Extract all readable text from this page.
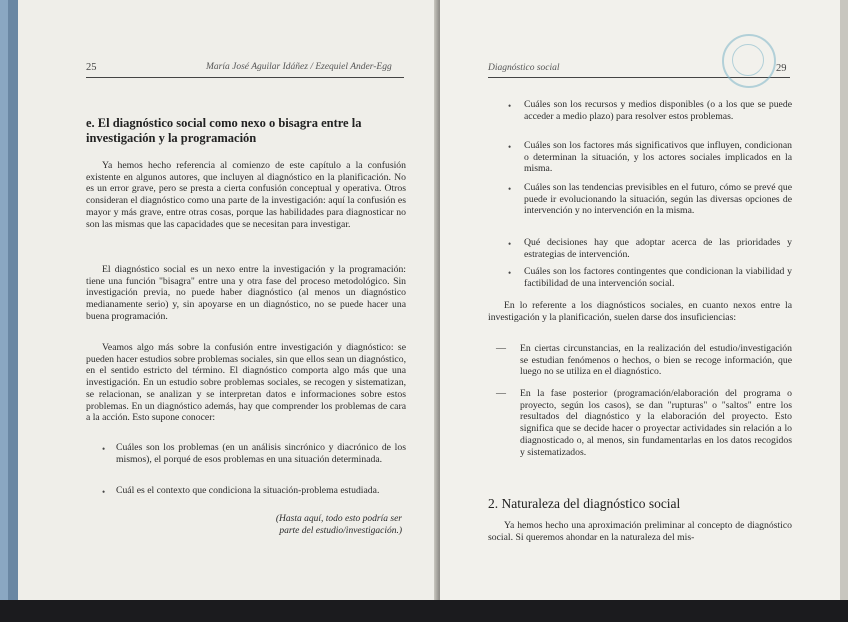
25	María José Aguilar Idáñez / Ezequiel Ander-Egg

e. El diagnóstico social como nexo o bisagra entre la investigación y la programación

Ya hemos hecho referencia al comienzo de este capítulo a la confusión existente en algunos autores, que incluyen al diagnóstico en la planificación. No es un error grave, pero se presta a cierta confusión conceptual y operativa. Otros consideran el diagnóstico como una parte de la investigación: aquí la confusión es mayor y más grave, entre otras cosas, porque las habilidades para diagnosticar no son las mismas que las capacidades que se necesitan para investigar.

El diagnóstico social es un nexo entre la investigación y la programación: tiene una función "bisagra" entre una y otra fase del proceso metodológico. Sin investigación previa, no puede haber diagnóstico (al menos un diagnóstico medianamente serio) y, sin apoyarse en un diagnóstico, no se puede hacer una buena programación.

Veamos algo más sobre la confusión entre investigación y diagnóstico: se pueden hacer estudios sobre problemas sociales, sin que ellos sean un diagnóstico, en el sentido estricto del término. El diagnóstico comporta algo más que una investigación. En un estudio sobre problemas sociales, se recogen y sistematizan, se relacionan, se analizan y se interpretan datos e informaciones sobre estos problemas. En un diagnóstico además, hay que comprender los problemas de cara a la acción. Esto supone conocer:

• Cuáles son los problemas (en un análisis sincrónico y diacrónico de los mismos), el porqué de esos problemas en una situación determinada.

• Cuál es el contexto que condiciona la situación-problema estudiada.

(Hasta aquí, todo esto podría ser parte del estudio/investigación.)

Diagnóstico social	29
• Cuáles son los recursos y medios disponibles (o a los que se puede acceder a medio plazo) para resolver estos problemas.

• Cuáles son los factores más significativos que influyen, condicionan o determinan la situación, y los actores sociales implicados en la misma.

• Cuáles son las tendencias previsibles en el futuro, cómo se prevé que puede ir evolucionando la situación, según las diversas opciones de intervención y no intervención en la misma.

• Qué decisiones hay que adoptar acerca de las prioridades y estrategias de intervención.

• Cuáles son los factores contingentes que condicionan la viabilidad y factibilidad de una intervención social.

En lo referente a los diagnósticos sociales, en cuanto nexos entre la investigación y la planificación, suelen darse dos insuficiencias:

— En ciertas circunstancias, en la realización del estudio/investigación se estudian fenómenos o hechos, o bien se recoge información, que luego no se utiliza en el diagnóstico.

— En la fase posterior (programación/elaboración del programa o proyecto, según los casos), se dan "rupturas" o "saltos" entre los resultados del diagnóstico y la elaboración del proyecto. Esto significa que se decide hacer o proyectar actividades sin relación a lo diagnosticado o, al menos, sin fundamentarlas en los datos recogidos y sistematizados.

2. Naturaleza del diagnóstico social

Ya hemos hecho una aproximación preliminar al concepto de diagnóstico social. Si queremos ahondar en la naturaleza del mis-
